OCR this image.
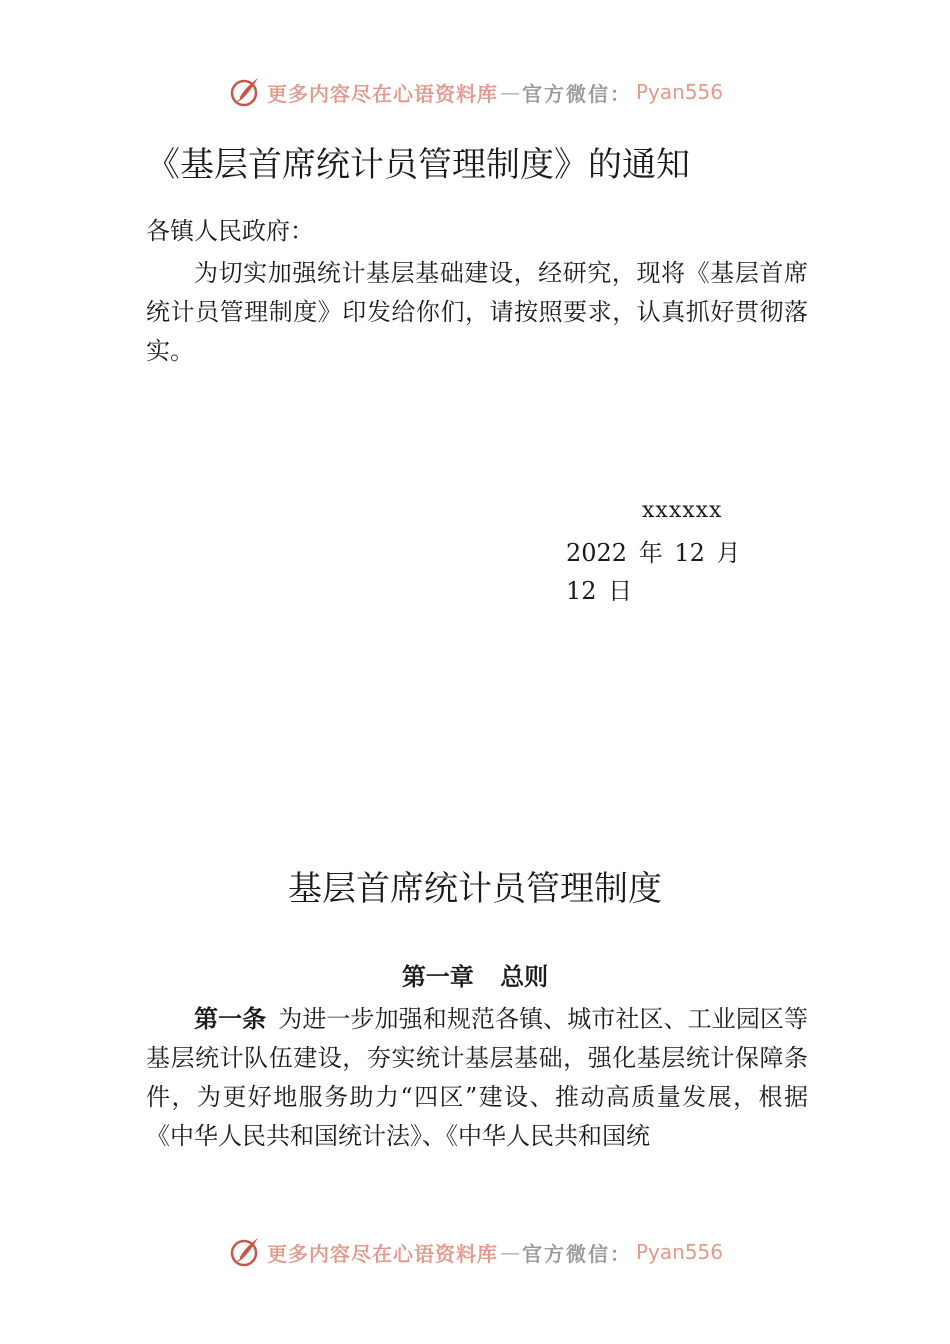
更多内容尽在心语资料库 — 官方微信： Pyan556
《基层首席统计员管理制度》的通知

各镇人民政府：

为切实加强统计基层基础建设，经研究，现将《基层首席统计员管理制度》印发给你们，请按照要求，认真抓好贯彻落实。

xxxxxx

2022 年 12 月 12 日

基层首席统计员管理制度
第一章 总则

第一条 为进一步加强和规范各镇、城市社区、工业园区等基层统计队伍建设，夯实统计基层基础，强化基层统计保障条件，为更好地服务助力“四区”建设、推动高质量发展，根据《中华人民共和国统计法》、《中华人民共和国统

更多内容尽在心语资料库 — 官方微信： Pyan556
